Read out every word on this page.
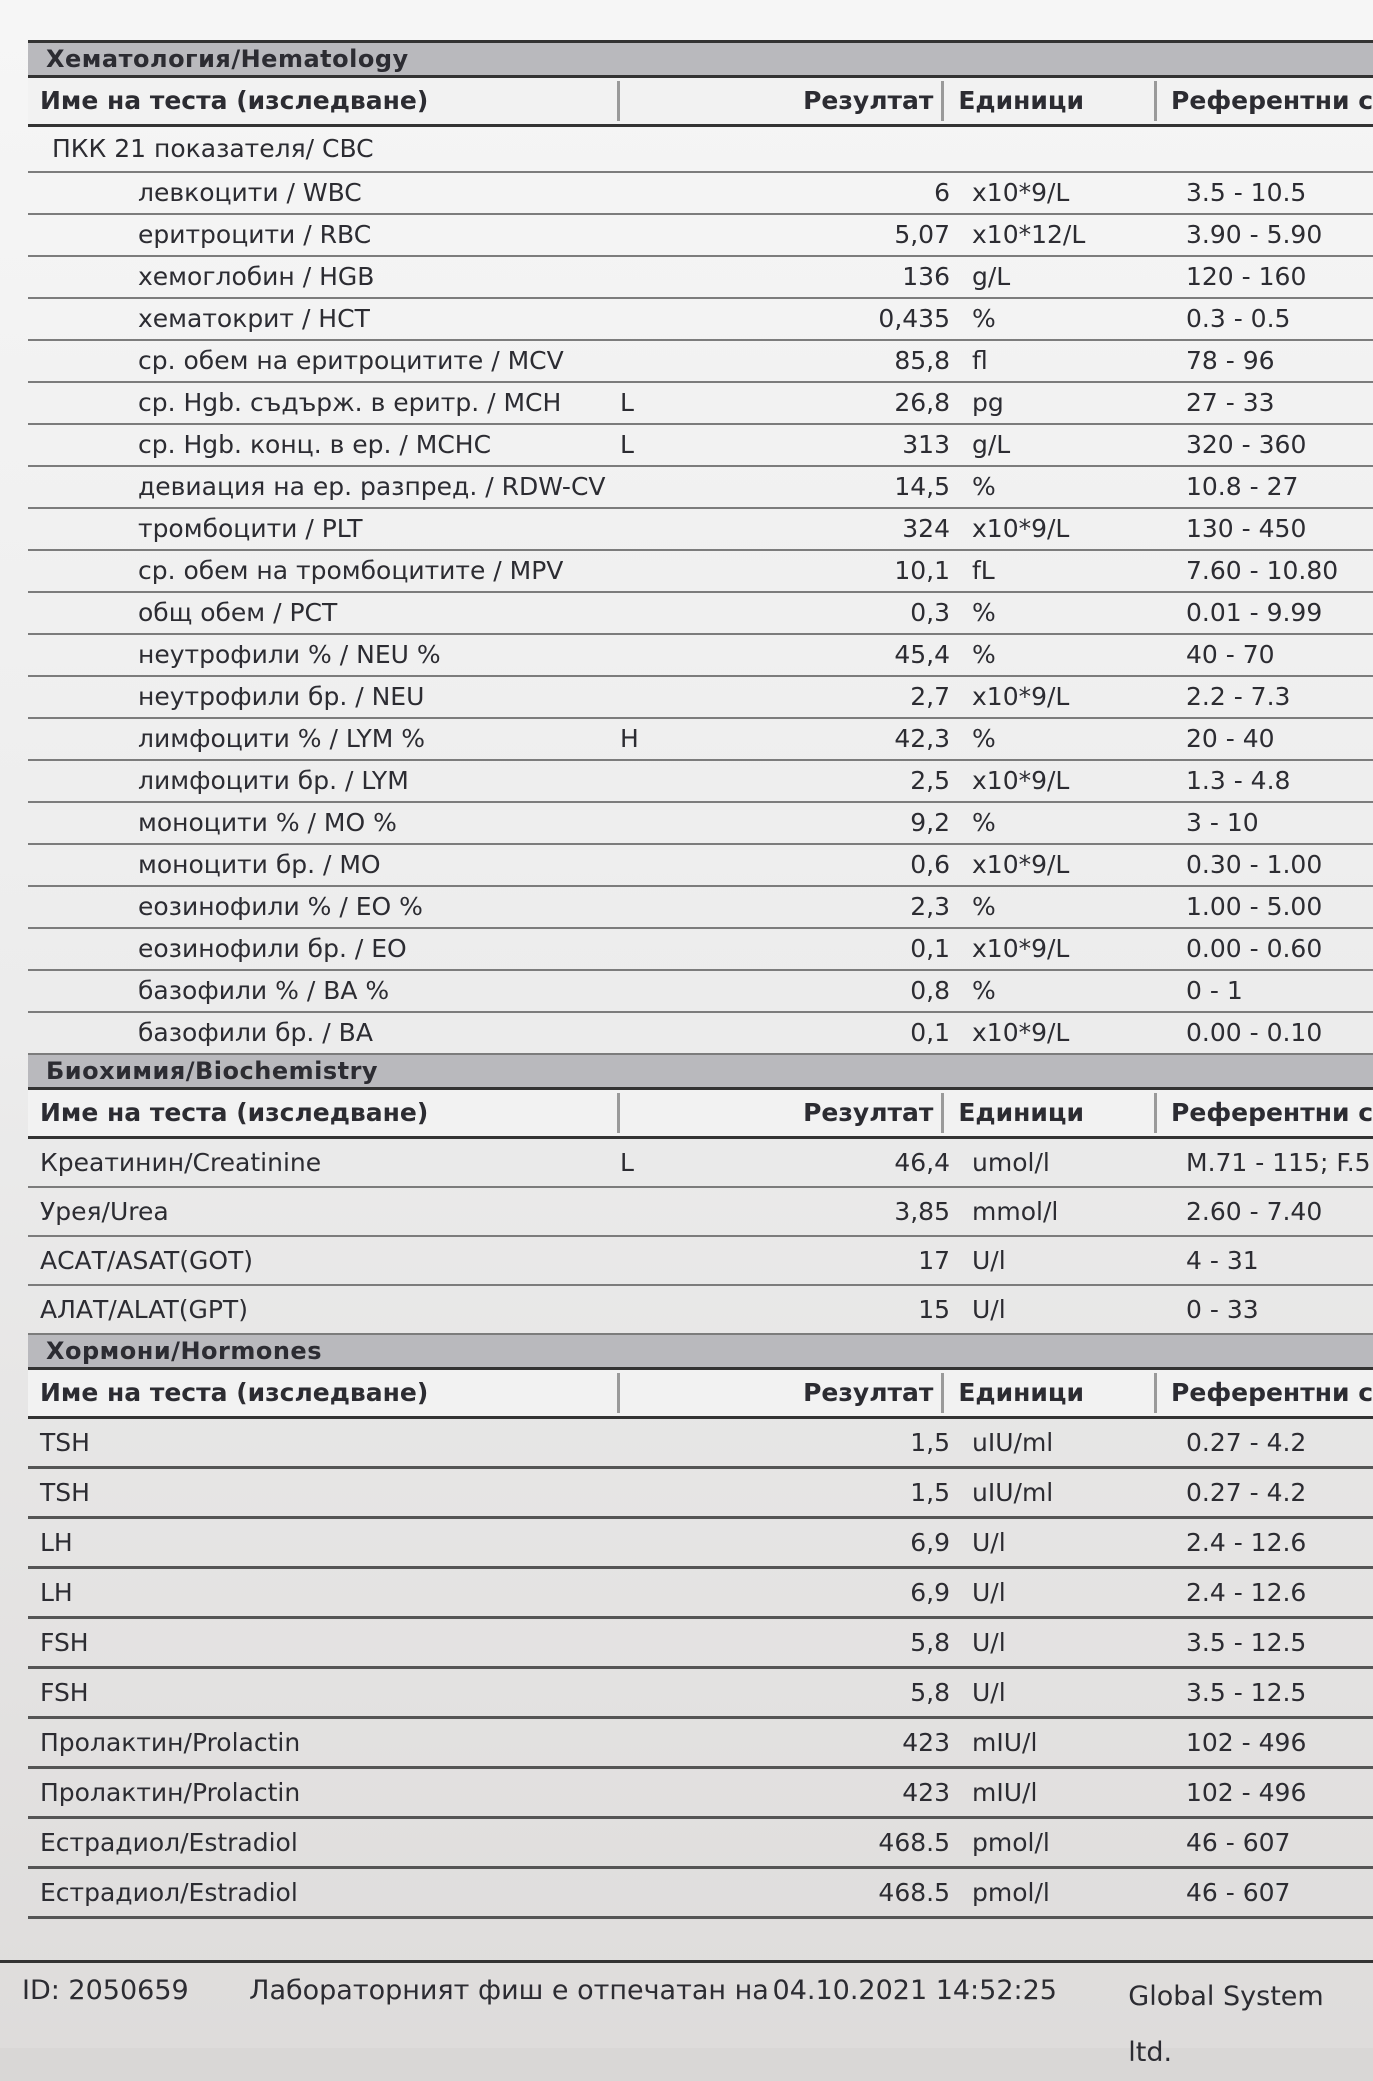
Хематология/Hematology
Име на теста (изследване)	Резултат	Единици	Референтни с
ПКК 21 показателя/ CBC
левкоцити / WBC	6 x10*9/L	3.5 - 10.5
еритроцити / RBC	5,07 x10*12/L	3.90 - 5.90
хемоглобин / HGB	136 g/L	120 - 160
хематокрит / HCT	0,435 %	0.3 - 0.5
ср. обем на еритроцитите / MCV	85,8 fl	78 - 96
ср. Hgb. съдърж. в еритр. / MCH	L	26,8 pg	27 - 33
ср. Hgb. конц. в ер. / MCHC	L	313 g/L	320 - 360
девиация на ер. разпред. / RDW-CV	14,5 %	10.8 - 27
тромбоцити / PLT	324 x10*9/L	130 - 450
ср. обем на тромбоцитите / MPV	10,1 fL	7.60 - 10.80
общ обем / PCT	0,3 %	0.01 - 9.99
неутрофили % / NEU %	45,4 %	40 - 70
неутрофили бр. / NEU	2,7 x10*9/L	2.2 - 7.3
лимфоцити % / LYM %	H	42,3 %	20 - 40
лимфоцити бр. / LYM	2,5 x10*9/L	1.3 - 4.8
моноцити % / MO %	9,2 %	3 - 10
моноцити бр. / MO	0,6 x10*9/L	0.30 - 1.00
еозинофили % / EO %	2,3 %	1.00 - 5.00
еозинофили бр. / EO	0,1 x10*9/L	0.00 - 0.60
базофили % / BA %	0,8 %	0 - 1
базофили бр. / BA	0,1 x10*9/L	0.00 - 0.10
Биохимия/Biochemistry
Име на теста (изследване)	Резултат	Единици	Референтни с
Креатинин/Creatinine	L	46,4 umol/l	M.71 - 115; F.5
Урея/Urea	3,85 mmol/l	2.60 - 7.40
АСАТ/ASAT(GOT)	17 U/l	4 - 31
АЛАТ/ALAT(GPT)	15 U/l	0 - 33
Хормони/Hormones
Име на теста (изследване)	Резултат	Единици	Референтни с
TSH	1,5 uIU/ml	0.27 - 4.2
TSH	1,5 uIU/ml	0.27 - 4.2
LH	6,9 U/l	2.4 - 12.6
LH	6,9 U/l	2.4 - 12.6
FSH	5,8 U/l	3.5 - 12.5
FSH	5,8 U/l	3.5 - 12.5
Пролактин/Prolactin	423 mIU/l	102 - 496
Пролактин/Prolactin	423 mIU/l	102 - 496
Естрадиол/Estradiol	468.5 pmol/l	46 - 607
Естрадиол/Estradiol	468.5 pmol/l	46 - 607
ID: 2050659	Лабораторният фиш е отпечатан на 04.10.2021 14:52:25	Global System ltd.
